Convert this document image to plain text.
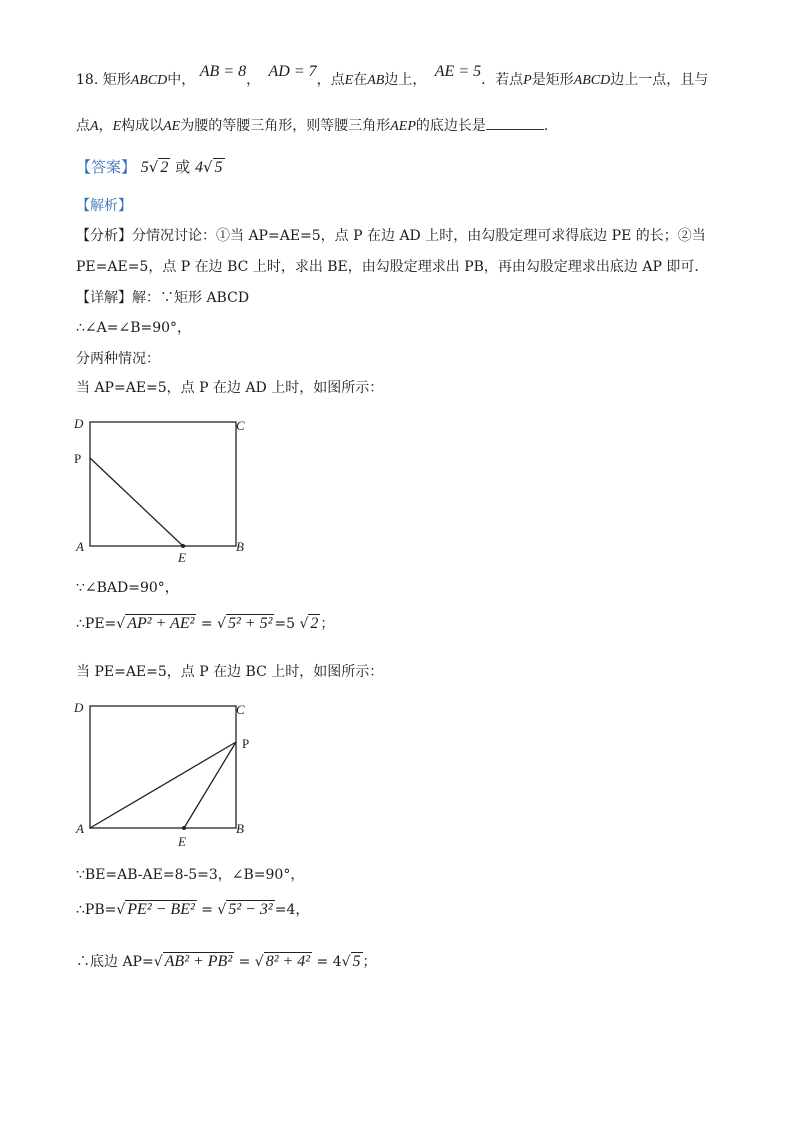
18. 矩形ABCD中， AB = 8， AD = 7，点E在AB边上， AE = 5．若点P是矩形ABCD边上一点，且与
点A，E构成以AE为腰的等腰三角形，则等腰三角形AEP的底边长是	.
【答案】 5√ 2 或 4√ 5
【解析】
【分析】分情况讨论：①当 AP=AE=5，点 P 在边 AD 上时，由勾股定理可求得底边 PE 的长；②当
PE=AE=5，点 P 在边 BC 上时，求出 BE，由勾股定理求出 PB，再由勾股定理求出底边 AP 即可.
【详解】解：∵矩形 ABCD
∴∠A=∠B=90°，
分两种情况：
当 AP=AE=5，点 P 在边 AD 上时，如图所示：
D	C
P
A
E
B
∵∠BAD=90°，
∴PE=√ AP² + AE² = √ 5² + 5² =5 √ 2 ；
当 PE=AE=5，点 P 在边 BC 上时，如图所示：
D	C
P
A
E
B
∵BE=AB-AE=8-5=3，∠B=90°，
∴PB=√ PE² − BE² = √ 5² − 3² =4，
∴底边 AP=√ AB² + PB² = √ 8² + 4² = 4√ 5 ；
